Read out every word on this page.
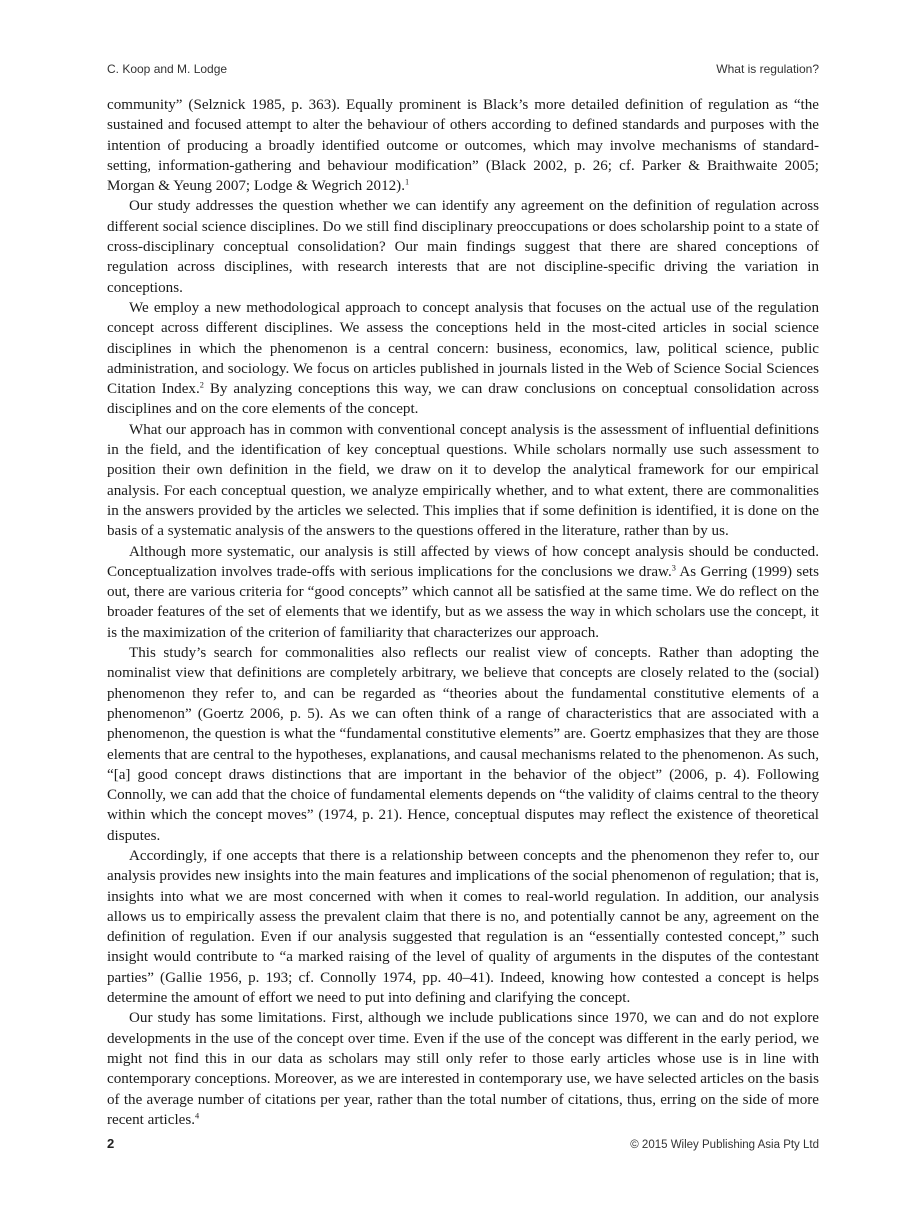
C. Koop and M. Lodge	What is regulation?

community” (Selznick 1985, p. 363). Equally prominent is Black’s more detailed definition of regulation as “the sustained and focused attempt to alter the behaviour of others according to defined standards and purposes with the intention of producing a broadly identified outcome or outcomes, which may involve mechanisms of standard-setting, information-gathering and behaviour modification” (Black 2002, p. 26; cf. Parker & Braithwaite 2005; Morgan & Yeung 2007; Lodge & Wegrich 2012).$^1$

Our study addresses the question whether we can identify any agreement on the definition of regulation across different social science disciplines. Do we still find disciplinary preoccupations or does scholarship point to a state of cross-disciplinary conceptual consolidation? Our main findings suggest that there are shared conceptions of regulation across disciplines, with research interests that are not discipline-specific driving the variation in conceptions.

We employ a new methodological approach to concept analysis that focuses on the actual use of the regulation concept across different disciplines. We assess the conceptions held in the most-cited articles in social science disciplines in which the phenomenon is a central concern: business, economics, law, political science, public administration, and sociology. We focus on articles published in journals listed in the Web of Science Social Sciences Citation Index.$^2$ By analyzing conceptions this way, we can draw conclusions on conceptual consolidation across disciplines and on the core elements of the concept.

What our approach has in common with conventional concept analysis is the assessment of influential definitions in the field, and the identification of key conceptual questions. While scholars normally use such assessment to position their own definition in the field, we draw on it to develop the analytical framework for our empirical analysis. For each conceptual question, we analyze empirically whether, and to what extent, there are commonalities in the answers provided by the articles we selected. This implies that if some definition is identified, it is done on the basis of a systematic analysis of the answers to the questions offered in the literature, rather than by us.

Although more systematic, our analysis is still affected by views of how concept analysis should be conducted. Conceptualization involves trade-offs with serious implications for the conclusions we draw.$^3$ As Gerring (1999) sets out, there are various criteria for “good concepts” which cannot all be satisfied at the same time. We do reflect on the broader features of the set of elements that we identify, but as we assess the way in which scholars use the concept, it is the maximization of the criterion of familiarity that characterizes our approach.

This study’s search for commonalities also reflects our realist view of concepts. Rather than adopting the nominalist view that definitions are completely arbitrary, we believe that concepts are closely related to the (social) phenomenon they refer to, and can be regarded as “theories about the fundamental constitutive elements of a phenomenon” (Goertz 2006, p. 5). As we can often think of a range of characteristics that are associated with a phenomenon, the question is what the “fundamental constitutive elements” are. Goertz emphasizes that they are those elements that are central to the hypotheses, explanations, and causal mechanisms related to the phenomenon. As such, “[a] good concept draws distinctions that are important in the behavior of the object” (2006, p. 4). Following Connolly, we can add that the choice of fundamental elements depends on “the validity of claims central to the theory within which the concept moves” (1974, p. 21). Hence, conceptual disputes may reflect the existence of theoretical disputes.

Accordingly, if one accepts that there is a relationship between concepts and the phenomenon they refer to, our analysis provides new insights into the main features and implications of the social phenomenon of regulation; that is, insights into what we are most concerned with when it comes to real-world regulation. In addition, our analysis allows us to empirically assess the prevalent claim that there is no, and potentially cannot be any, agreement on the definition of regulation. Even if our analysis suggested that regulation is an “essentially contested concept,” such insight would contribute to “a marked raising of the level of quality of arguments in the disputes of the contestant parties” (Gallie 1956, p. 193; cf. Connolly 1974, pp. 40–41). Indeed, knowing how contested a concept is helps determine the amount of effort we need to put into defining and clarifying the concept.

Our study has some limitations. First, although we include publications since 1970, we can and do not explore developments in the use of the concept over time. Even if the use of the concept was different in the early period, we might not find this in our data as scholars may still only refer to those early articles whose use is in line with contemporary conceptions. Moreover, as we are interested in contemporary use, we have selected articles on the basis of the average number of citations per year, rather than the total number of citations, thus, erring on the side of more recent articles.$^4$

2	© 2015 Wiley Publishing Asia Pty Ltd
